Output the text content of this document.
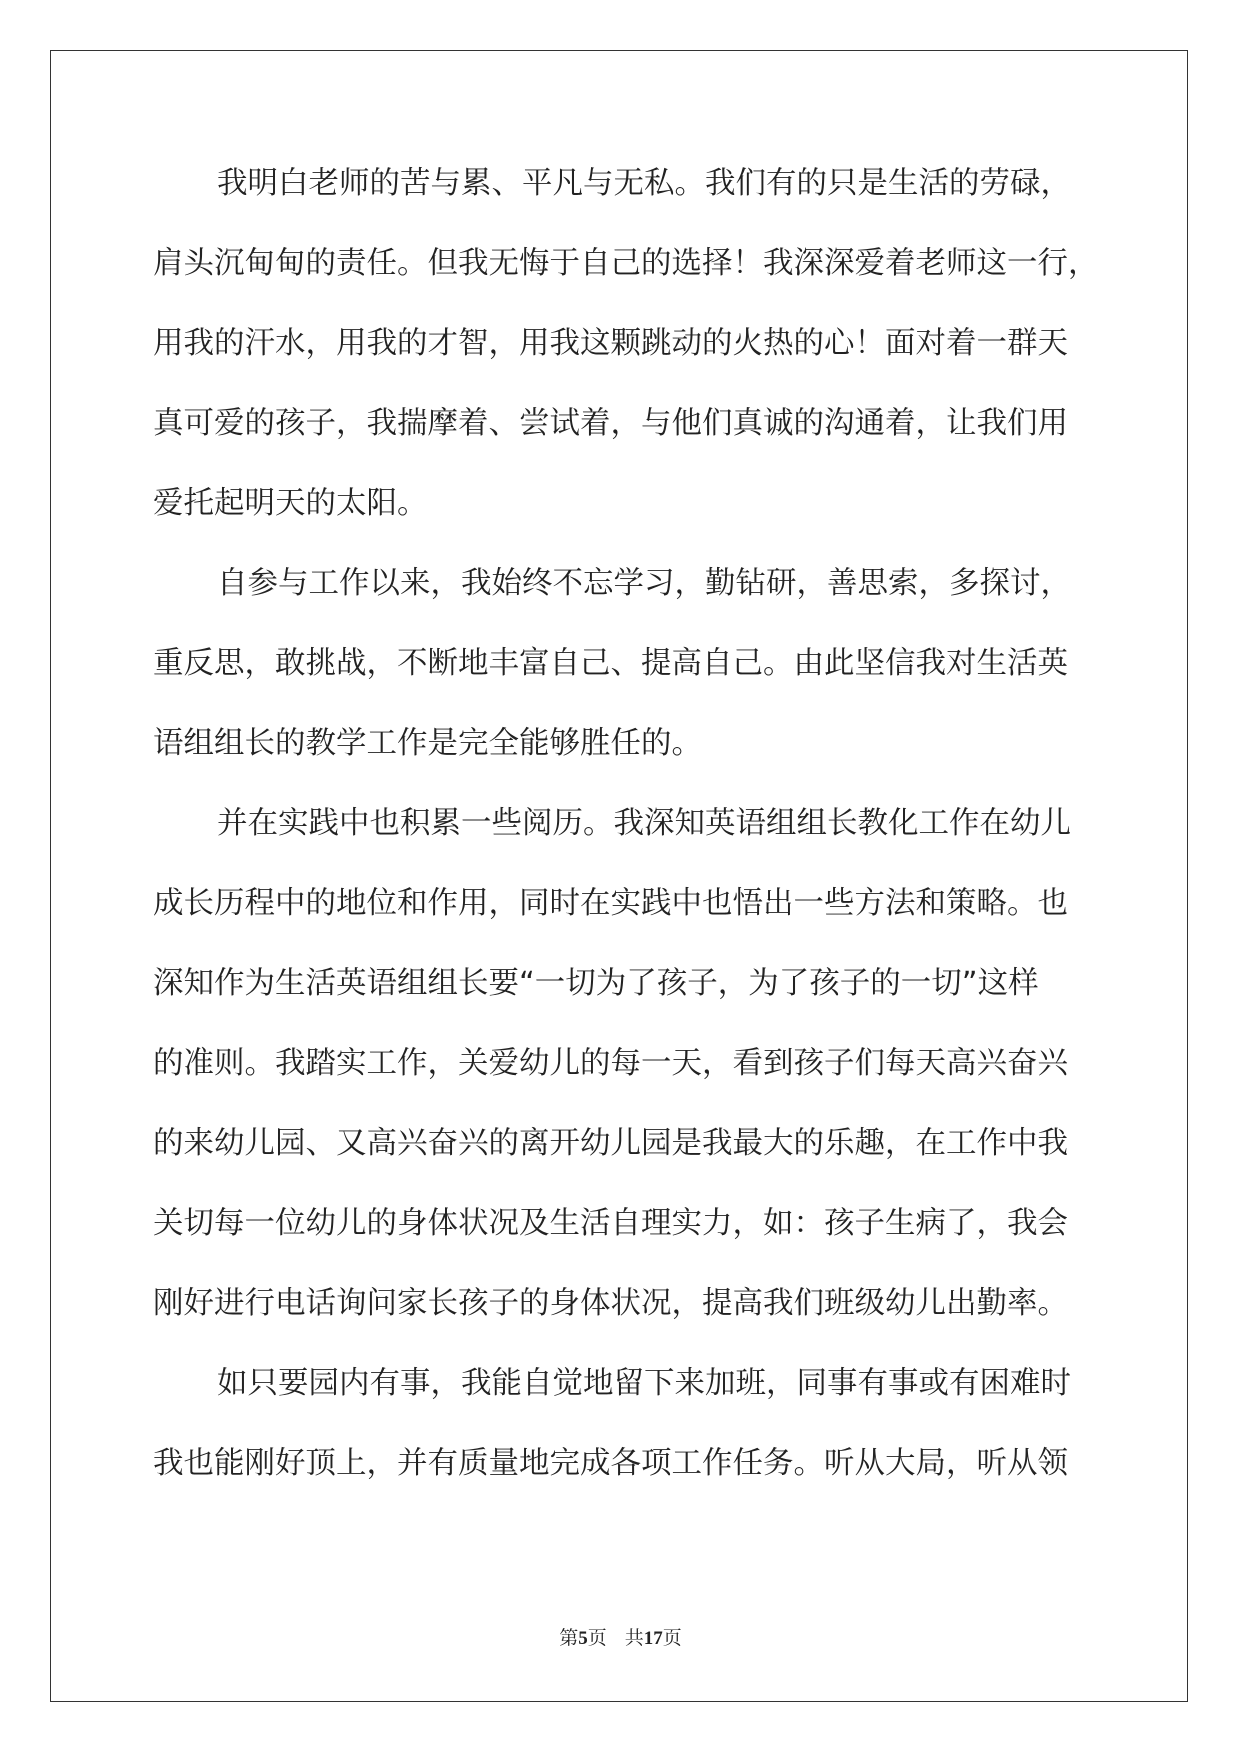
我明白老师的苦与累、平凡与无私。我们有的只是生活的劳碌，
肩头沉甸甸的责任。但我无悔于自己的选择！我深深爱着老师这一行，
用我的汗水，用我的才智，用我这颗跳动的火热的心！面对着一群天
真可爱的孩子，我揣摩着、尝试着，与他们真诚的沟通着，让我们用
爱托起明天的太阳。
自参与工作以来，我始终不忘学习，勤钻研，善思索，多探讨，
重反思，敢挑战，不断地丰富自己、提高自己。由此坚信我对生活英
语组组长的教学工作是完全能够胜任的。
并在实践中也积累一些阅历。我深知英语组组长教化工作在幼儿
成长历程中的地位和作用，同时在实践中也悟出一些方法和策略。也
深知作为生活英语组组长要“一切为了孩子，为了孩子的一切”这样
的准则。我踏实工作，关爱幼儿的每一天，看到孩子们每天高兴奋兴
的来幼儿园、又高兴奋兴的离开幼儿园是我最大的乐趣，在工作中我
关切每一位幼儿的身体状况及生活自理实力，如：孩子生病了，我会
刚好进行电话询问家长孩子的身体状况，提高我们班级幼儿出勤率。
如只要园内有事，我能自觉地留下来加班，同事有事或有困难时
我也能刚好顶上，并有质量地完成各项工作任务。听从大局，听从领
第5页 共17页
